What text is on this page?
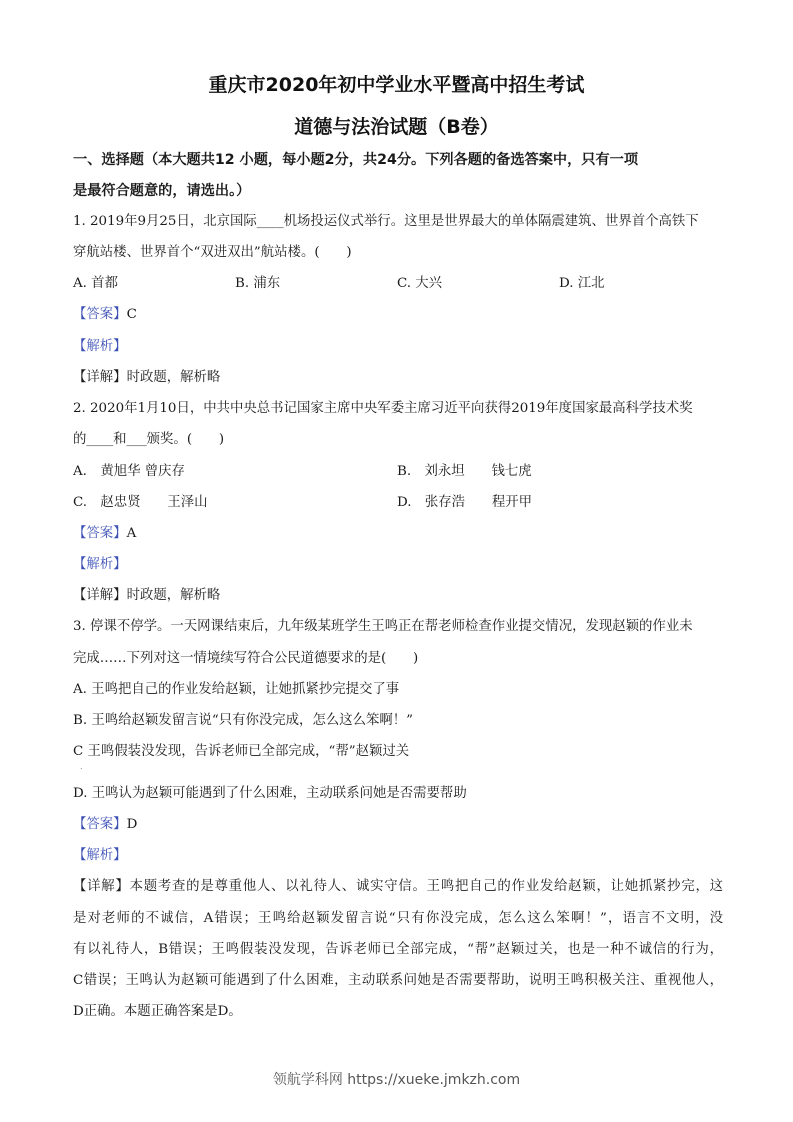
重庆市2020年初中学业水平暨高中招生考试
道德与法治试题（B卷）
一、选择题（本大题共12 小题，每小题2分，共24分。下列各题的备选答案中，只有一项
是最符合题意的，请选出。）
1. 2019年9月25日，北京国际____机场投运仪式举行。这里是世界最大的单体隔震建筑、世界首个高铁下
穿航站楼、世界首个“双进双出”航站楼。(　　)
A. 首都	B. 浦东	C. 大兴	D. 江北
【答案】C
【解析】
【详解】时政题，解析略
2. 2020年1月10日，中共中央总书记国家主席中央军委主席习近平向获得2019年度国家最高科学技术奖
的____和___颁奖。(　　)
A.　黄旭华 曾庆存	B.　刘永坦　　钱七虎
C.　赵忠贤　　王泽山	D.　张存浩　　程开甲
【答案】A
【解析】
【详解】时政题，解析略
3. 停课不停学。一天网课结束后，九年级某班学生王鸣正在帮老师检查作业提交情况，发现赵颖的作业未
完成……下列对这一情境续写符合公民道德要求的是(　　)
A. 王鸣把自己的作业发给赵颖，让她抓紧抄完提交了事
B. 王鸣给赵颖发留言说“只有你没完成，怎么这么笨啊！”
C 王鸣假装没发现，告诉老师已全部完成，“帮”赵颖过关
.
D. 王鸣认为赵颖可能遇到了什么困难，主动联系问她是否需要帮助
【答案】D
【解析】
【详解】本题考查的是尊重他人、以礼待人、诚实守信。王鸣把自己的作业发给赵颖，让她抓紧抄完，这
是对老师的不诚信，A错误；王鸣给赵颖发留言说“只有你没完成，怎么这么笨啊！”，语言不文明，没
有以礼待人，B错误；王鸣假装没发现，告诉老师已全部完成，“帮”赵颖过关，也是一种不诚信的行为，
C错误；王鸣认为赵颖可能遇到了什么困难，主动联系问她是否需要帮助，说明王鸣积极关注、重视他人，
D正确。本题正确答案是D。
领航学科网 https://xueke.jmkzh.com
